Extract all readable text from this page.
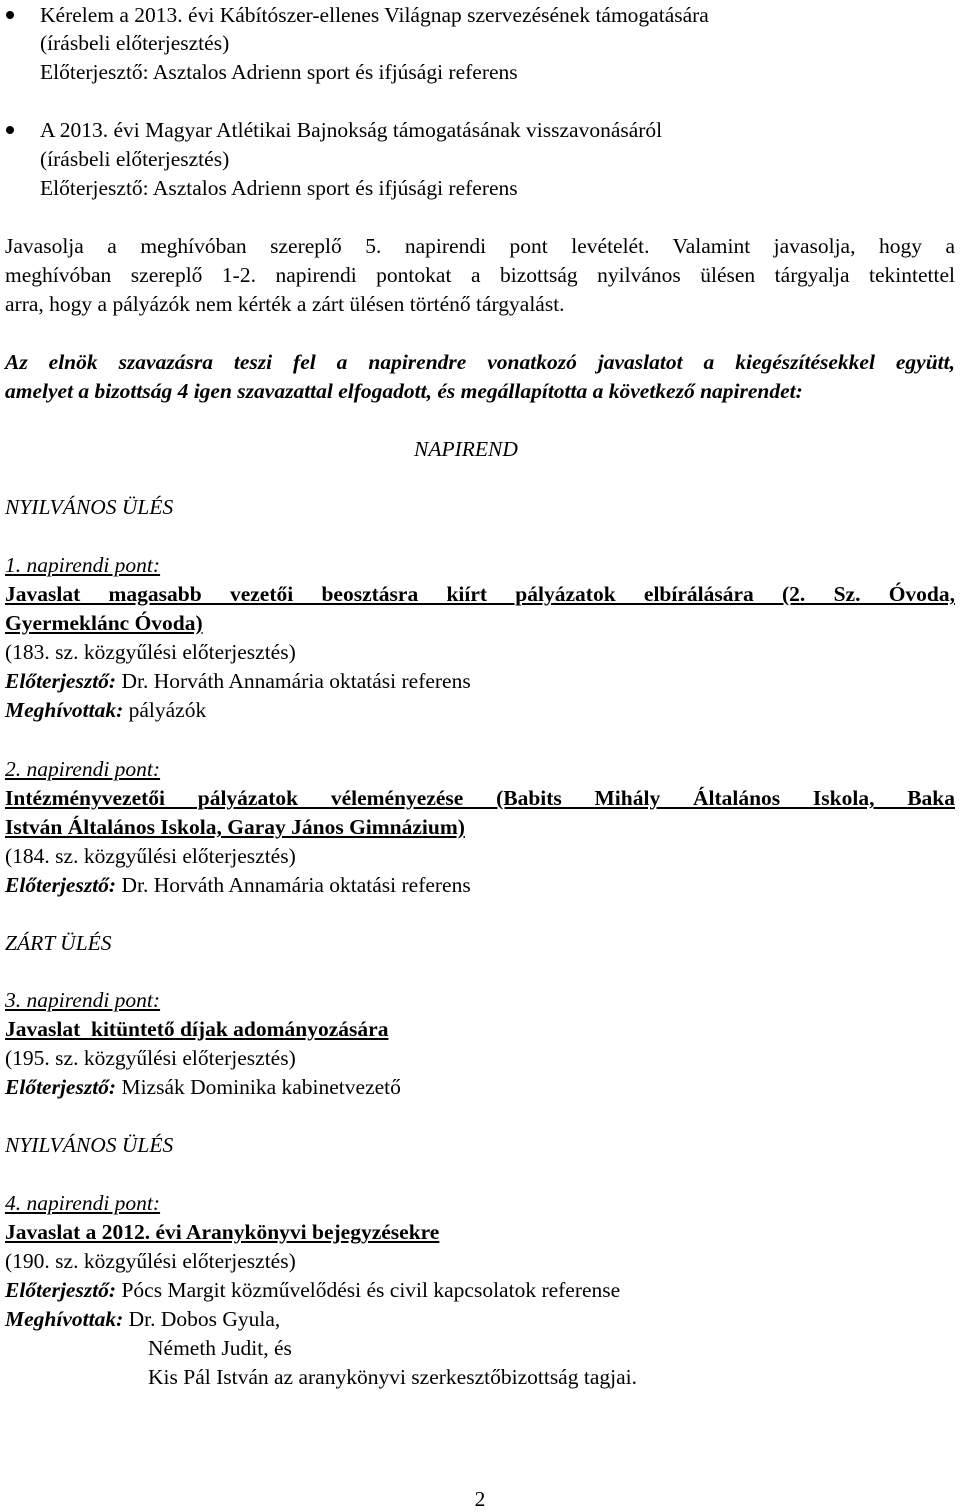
Kérelem a 2013. évi Kábítószer-ellenes Világnap szervezésének támogatására
(írásbeli előterjesztés)
Előterjesztő: Asztalos Adrienn sport és ifjúsági referens
A 2013. évi Magyar Atlétikai Bajnokság támogatásának visszavonásáról
(írásbeli előterjesztés)
Előterjesztő: Asztalos Adrienn sport és ifjúsági referens
Javasolja a meghívóban szereplő 5. napirendi pont levételét. Valamint javasolja, hogy a
meghívóban szereplő 1-2. napirendi pontokat a bizottság nyilvános ülésen tárgyalja tekintettel
arra, hogy a pályázók nem kérték a zárt ülésen történő tárgyalást.
Az elnök szavazásra teszi fel a napirendre vonatkozó javaslatot a kiegészítésekkel együtt,
amelyet a bizottság 4 igen szavazattal elfogadott, és megállapította a következő napirendet:
NAPIREND
NYILVÁNOS ÜLÉS
1. napirendi pont:
Javaslat magasabb vezetői beosztásra kiírt pályázatok elbírálására (2. Sz. Óvoda,
Gyermeklánc Óvoda)
(183. sz. közgyűlési előterjesztés)
Előterjesztő: Dr. Horváth Annamária oktatási referens
Meghívottak: pályázók
2. napirendi pont:
Intézményvezetői pályázatok véleményezése (Babits Mihály Általános Iskola, Baka
István Általános Iskola, Garay János Gimnázium)
(184. sz. közgyűlési előterjesztés)
Előterjesztő: Dr. Horváth Annamária oktatási referens
ZÁRT ÜLÉS
3. napirendi pont:
Javaslat  kitüntető díjak adományozására
(195. sz. közgyűlési előterjesztés)
Előterjesztő: Mizsák Dominika kabinetvezető
NYILVÁNOS ÜLÉS
4. napirendi pont:
Javaslat a 2012. évi Aranykönyvi bejegyzésekre
(190. sz. közgyűlési előterjesztés)
Előterjesztő: Pócs Margit közművelődési és civil kapcsolatok referense
Meghívottak: Dr. Dobos Gyula,
Németh Judit, és
Kis Pál István az aranykönyvi szerkesztőbizottság tagjai.
2
